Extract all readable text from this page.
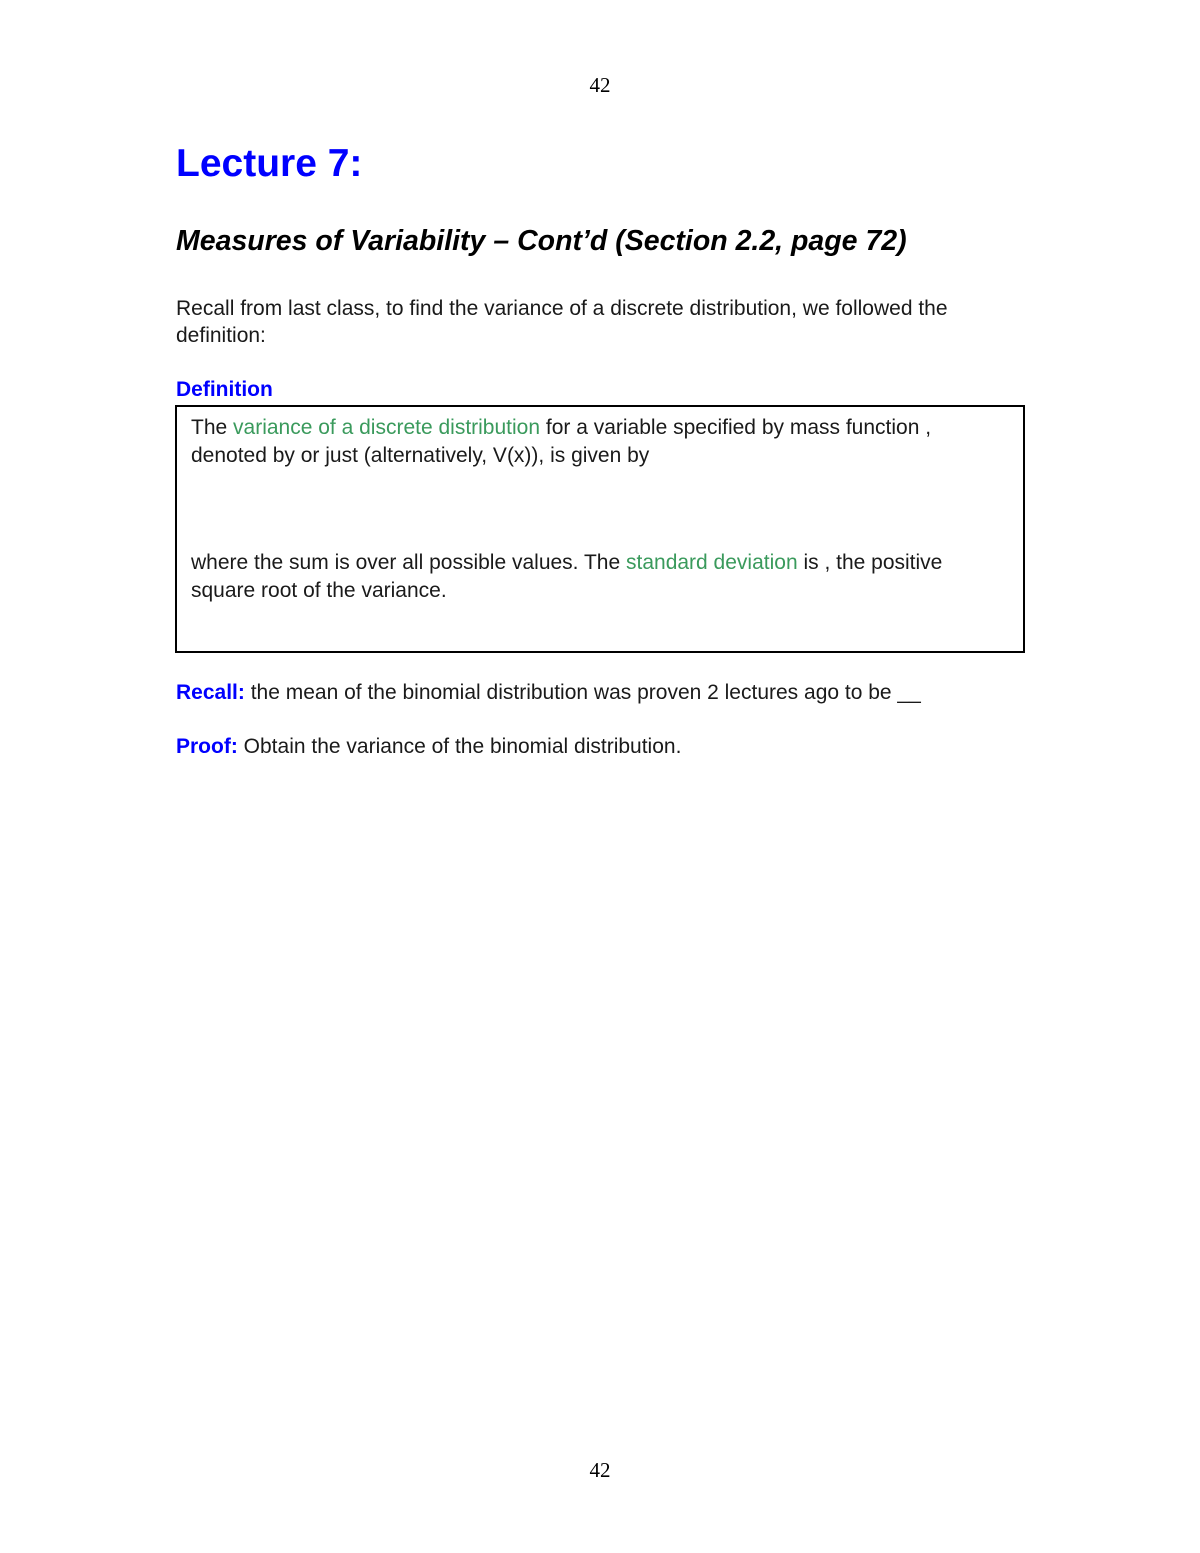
42
Lecture 7:
Measures of Variability – Cont’d (Section 2.2, page 72)

Recall from last class, to find the variance of a discrete distribution, we followed the definition:

Definition

The variance of a discrete distribution for a variable specified by mass function , denoted by or just (alternatively, V(x)), is given by

where the sum is over all possible values. The standard deviation is , the positive square root of the variance.

Recall: the mean of the binomial distribution was proven 2 lectures ago to be __

Proof: Obtain the variance of the binomial distribution.

42
